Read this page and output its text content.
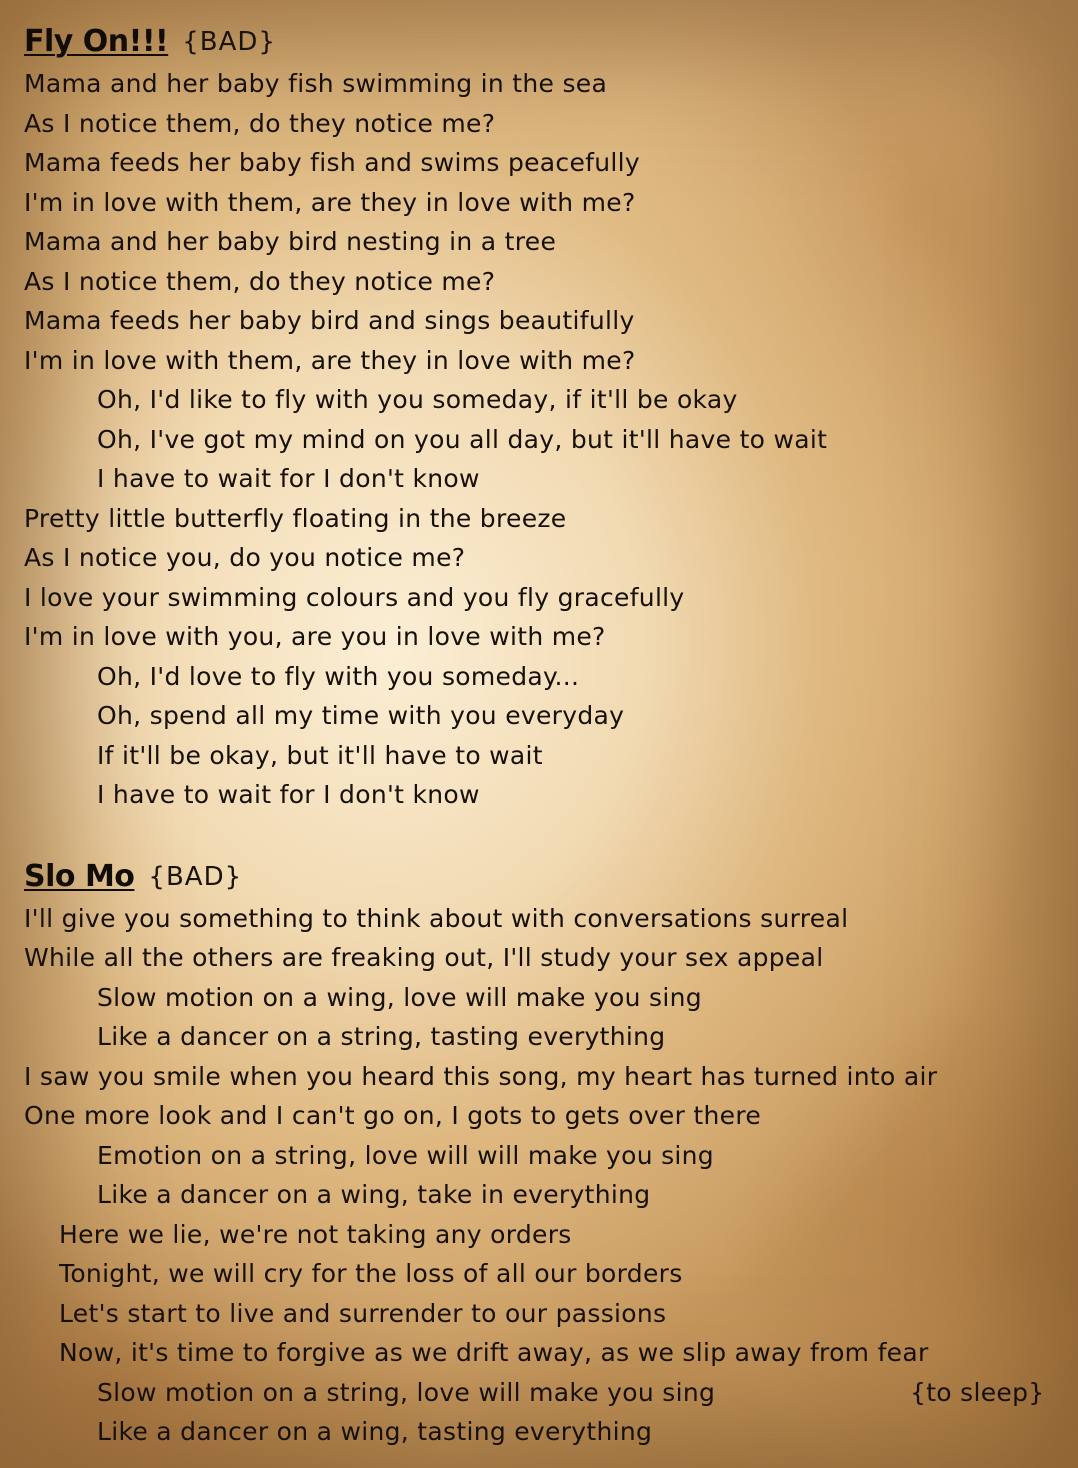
Fly On!!! {BAD}
Mama and her baby fish swimming in the sea
As I notice them, do they notice me?
Mama feeds her baby fish and swims peacefully
I'm in love with them, are they in love with me?
Mama and her baby bird nesting in a tree
As I notice them, do they notice me?
Mama feeds her baby bird and sings beautifully
I'm in love with them, are they in love with me?
Oh, I'd like to fly with you someday, if it'll be okay
Oh, I've got my mind on you all day, but it'll have to wait
I have to wait for I don't know
Pretty little butterfly floating in the breeze
As I notice you, do you notice me?
I love your swimming colours and you fly gracefully
I'm in love with you, are you in love with me?
Oh, I'd love to fly with you someday...
Oh, spend all my time with you everyday
If it'll be okay, but it'll have to wait
I have to wait for I don't know
Slo Mo {BAD}
I'll give you something to think about with conversations surreal
While all the others are freaking out, I'll study your sex appeal
Slow motion on a wing, love will make you sing
Like a dancer on a string, tasting everything
I saw you smile when you heard this song, my heart has turned into air
One more look and I can't go on, I gots to gets over there
Emotion on a string, love will will make you sing
Like a dancer on a wing, take in everything
Here we lie, we're not taking any orders
Tonight, we will cry for the loss of all our borders
Let's start to live and surrender to our passions
Now, it's time to forgive as we drift away, as we slip away from fear
Slow motion on a string, love will make you sing	{to sleep}
Like a dancer on a wing, tasting everything
